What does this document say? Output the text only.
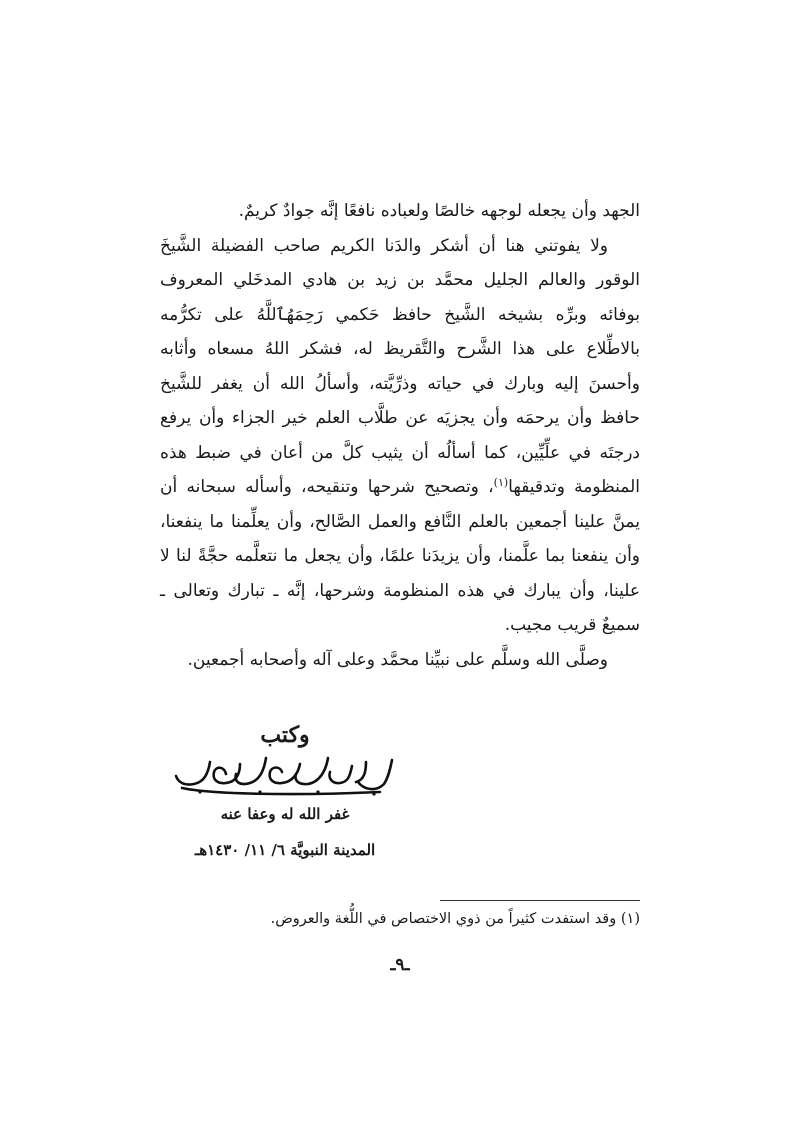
الجهد وأن يجعله لوجهه خالصًا ولعباده نافعًا إنَّه جوادٌ كريمٌ.

ولا يفوتني هنا أن أشكر والدَنا الكريم صاحب الفضيلة الشَّيخَ الوقور والعالم الجليل محمَّد بن زيد بن هادي المدخَلي المعروف بوفائه وبرِّه بشيخه الشَّيخ حافظ حَكمي رَحِمَهُٱللَّهُ على تكرُّمه بالاطِّلاع على هذا الشَّرح والتَّقريظ له، فشكر اللهُ مسعاه وأثابه وأحسنَ إليه وبارك في حياته وذرِّيَّته، وأسألُ الله أن يغفر للشَّيخ حافظ وأن يرحمَه وأن يجزيَه عن طلَّاب العلم خير الجزاء وأن يرفع درجتَه في علِّيِّين، كما أسألُه أن يثيب كلَّ من أعان في ضبط هذه المنظومة وتدقيقها$^{(١)}$، وتصحيح شرحها وتنقيحه، وأسأله سبحانه أن يمنَّ علينا أجمعين بالعلم النَّافع والعمل الصَّالح، وأن يعلِّمنا ما ينفعنا، وأن ينفعنا بما علَّمنا، وأن يزيدَنا علمًا، وأن يجعل ما نتعلَّمه حجَّةً لنا لا علينا، وأن يبارك في هذه المنظومة وشرحها، إنَّه ـ تبارك وتعالى ـ سميعٌ قريب مجيب.

وصلَّى الله وسلَّم على نبيِّنا محمَّد وعلى آله وأصحابه أجمعين.

وكتب
غفر الله له وعفا عنه
المدينة النبويَّة ٦/ ١١/ ١٤٣٠هـ
(١) وقد استفدت كثيراً من ذوي الاختصاص في اللُّغة والعروض.
ـ٩ـ
